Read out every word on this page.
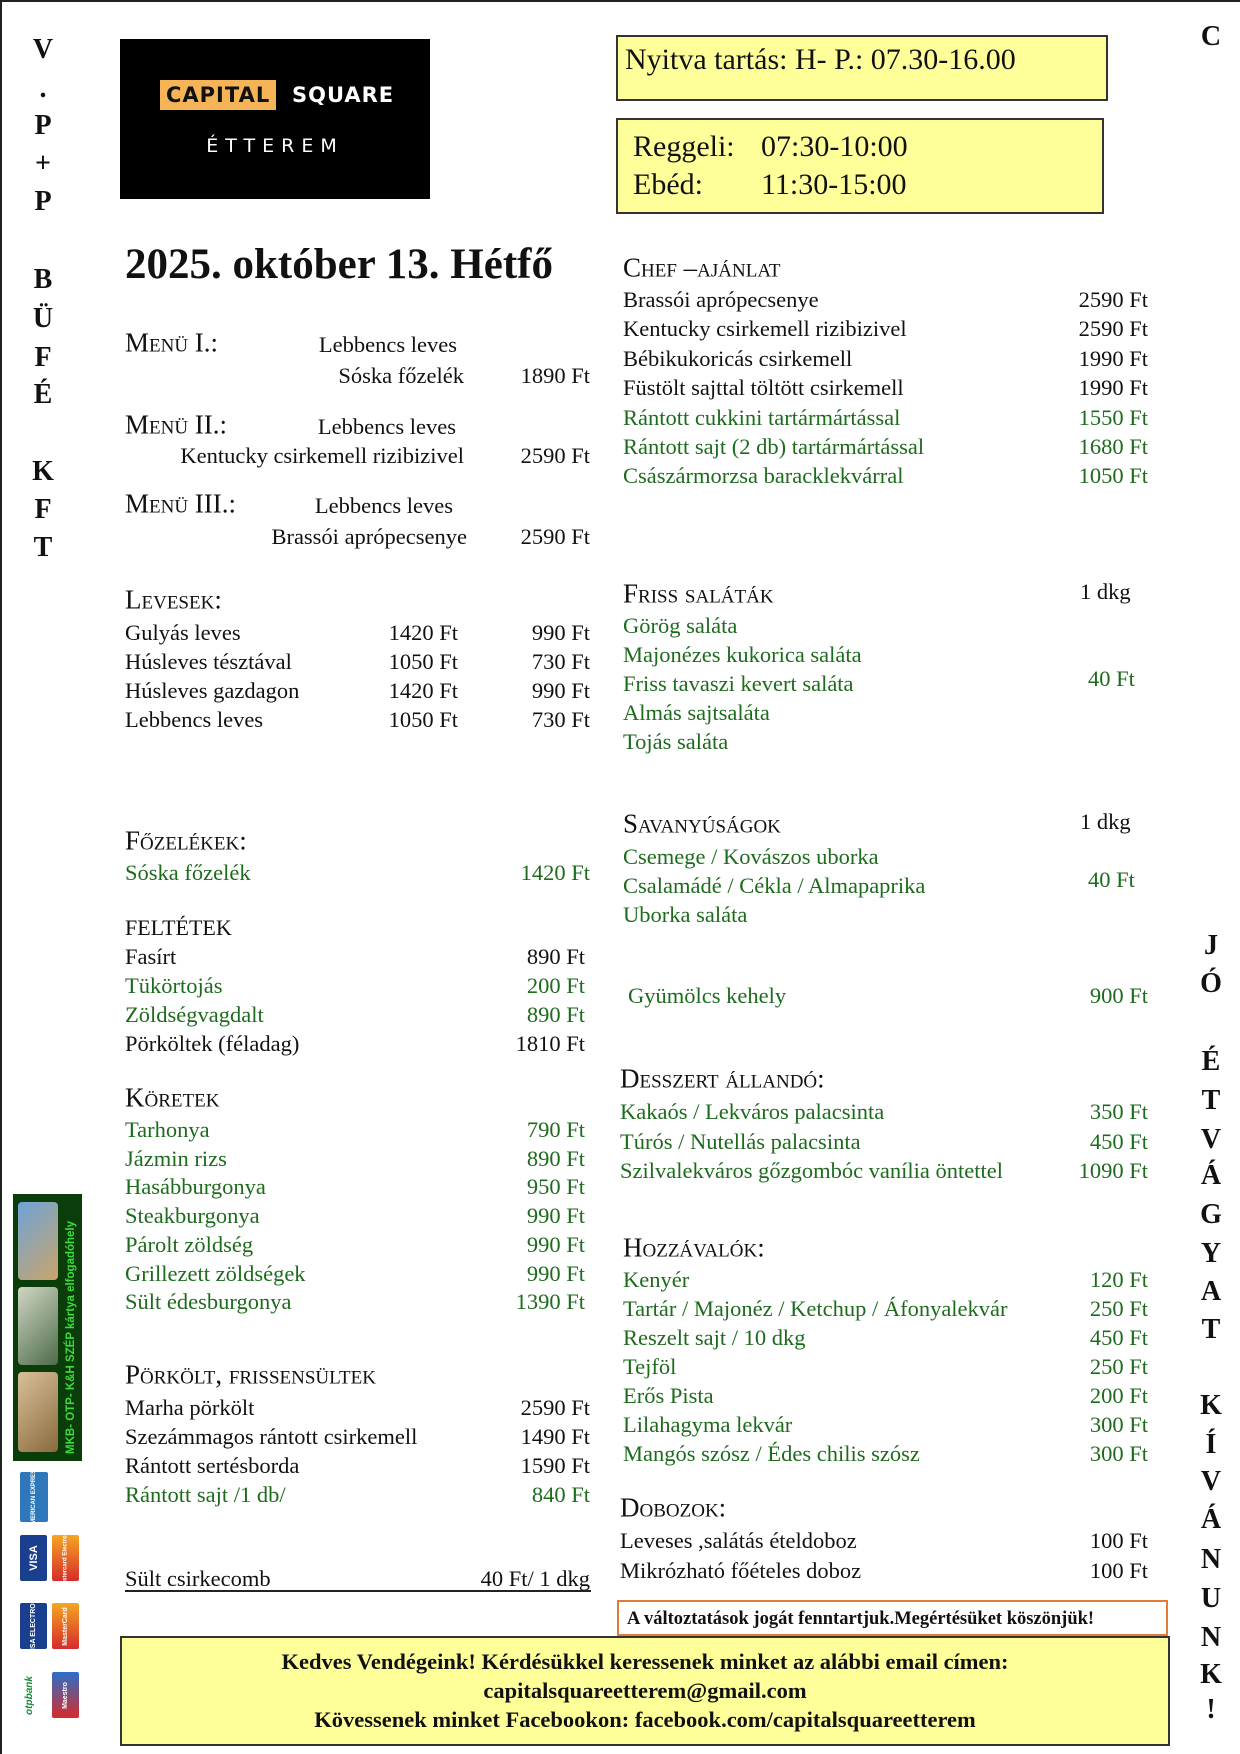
CAPITAL SQUARE
ÉTTEREM
Nyitva tartás: H- P.: 07.30-16.00
Reggeli: 07:30-10:00
Ebéd: 11:30-15:00
2025. október 13. Hétfő
Sült csirkecomb	40 Ft/ 1 dkg
Gyümölcs kehely	900 Ft
A változtatások jogát fenntartjuk.Megértésüket köszönjük!
Kedves Vendégeink! Kérdésükkel keressenek minket az alábbi email címen:
capitalsquareetterem@gmail.com
Kövessenek minket Facebookon: facebook.com/capitalsquareetterem
MKB- OTP- K&H SZÉP kártya elfogadóhely
AMERICAN EXPRESS
VISA	Mastercard Electronic
VISA ELECTRON	MasterCard
otpbank	Maestro
V
.
P
+
P
B
Ü
F
É
K
F
T
C
J
Ó
É
T
V
Á
G
Y
A
T
K
Í
V
Á
N
U
N
K
!
Menü I.:	Lebbencs leves
Sóska főzelék	1890 Ft
Menü II.:	Lebbencs leves
Kentucky csirkemell rizibizivel	2590 Ft
Menü III.:	Lebbencs leves
Brassói aprópecsenye 2590 Ft
Levesek:
Gulyás leves	1420 Ft	990 Ft
Húsleves tésztával	1050 Ft	730 Ft
Húsleves gazdagon	1420 Ft	990 Ft
Lebbencs leves	1050 Ft	730 Ft
Főzelékek:
Sóska főzelék	1420 Ft
FELTÉTEK
Fasírt	890 Ft
Tükörtojás	200 Ft
Zöldségvagdalt	890 Ft
Pörköltek (féladag)	1810 Ft
Köretek
Tarhonya	790 Ft
Jázmin rizs	890 Ft
Hasábburgonya	950 Ft
Steakburgonya	990 Ft
Párolt zöldség	990 Ft
Grillezett zöldségek	990 Ft
Sült édesburgonya	1390 Ft
Pörkölt, frissensültek
Marha pörkölt	2590 Ft
Szezámmagos rántott csirkemell	1490 Ft
Rántott sertésborda	1590 Ft
Rántott sajt /1 db/	840 Ft
Chef –ajánlat
Brassói aprópecsenye	2590 Ft
Kentucky csirkemell rizibizivel	2590 Ft
Bébikukoricás csirkemell	1990 Ft
Füstölt sajttal töltött csirkemell	1990 Ft
Rántott cukkini tartármártással	1550 Ft
Rántott sajt (2 db) tartármártással	1680 Ft
Császármorzsa baracklekvárral	1050 Ft
Desszert állandó:
Kakaós / Lekváros palacsinta	350 Ft
Túrós / Nutellás palacsinta	450 Ft
Szilvalekváros gőzgombóc vanília öntettel	1090 Ft
Hozzávalók:
Kenyér	120 Ft
Tartár / Majonéz / Ketchup / Áfonyalekvár	250 Ft
Reszelt sajt / 10 dkg	450 Ft
Tejföl	250 Ft
Erős Pista	200 Ft
Lilahagyma lekvár	300 Ft
Mangós szósz / Édes chilis szósz	300 Ft
Dobozok:
Leveses ,salátás ételdoboz	100 Ft
Mikrózható főételes doboz	100 Ft
Friss saláták	1 dkg
40 Ft
Görög saláta
Majonézes kukorica saláta
Friss tavaszi kevert saláta
Almás sajtsaláta
Tojás saláta
Savanyúságok	1 dkg
40 Ft
Csemege / Kovászos uborka
Csalamádé / Cékla / Almapaprika
Uborka saláta
